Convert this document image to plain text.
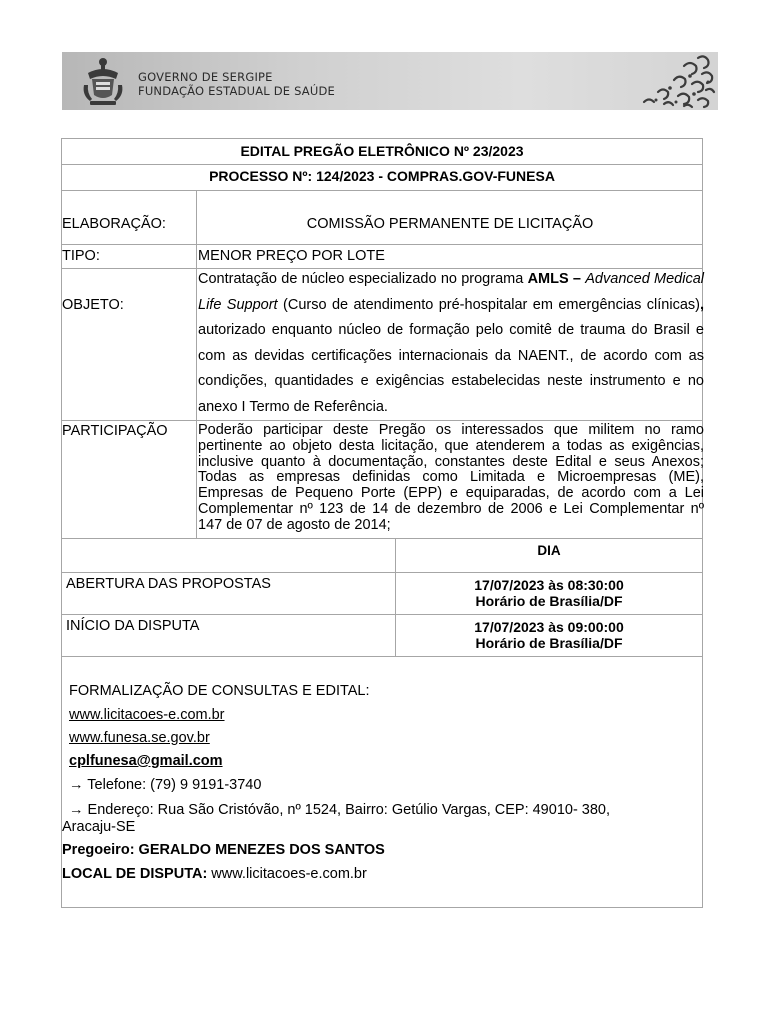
GOVERNO DE SERGIPE
FUNDAÇÃO ESTADUAL DE SAÚDE
EDITAL PREGÃO ELETRÔNICO Nº 23/2023
PROCESSO Nº: 124/2023 - COMPRAS.GOV-FUNESA
ELABORAÇÃO:	COMISSÃO PERMANENTE DE LICITAÇÃO
TIPO:	MENOR PREÇO POR LOTE
OBJETO:
Contratação de núcleo especializado no programa AMLS – Advanced Medical Life Support (Curso de atendimento pré-hospitalar em emergências clínicas), autorizado enquanto núcleo de formação pelo comitê de trauma do Brasil e com as devidas certificações internacionais da NAENT., de acordo com as condições, quantidades e exigências estabelecidas neste instrumento e no anexo I Termo de Referência.
PARTICIPAÇÃO Poderão participar deste Pregão os interessados que militem no ramo pertinente ao objeto desta licitação, que atenderem a todas as exigências, inclusive quanto à documentação, constantes deste Edital e seus Anexos; Todas as empresas definidas como Limitada e Microempresas (ME), Empresas de Pequeno Porte (EPP) e equiparadas, de acordo com a Lei Complementar nº 123 de 14 de dezembro de 2006 e Lei Complementar nº 147 de 07 de agosto de 2014;
DIA
ABERTURA DAS PROPOSTAS	17/07/2023 às 08:30:00
Horário de Brasília/DF
INÍCIO DA DISPUTA	17/07/2023 às 09:00:00
Horário de Brasília/DF
FORMALIZAÇÃO DE CONSULTAS E EDITAL:
www.licitacoes-e.com.br
www.funesa.se.gov.br
cplfunesa@gmail.com
→ Telefone: (79) 9 9191-3740
→ Endereço: Rua São Cristóvão, nº 1524, Bairro: Getúlio Vargas, CEP: 49010- 380,
Aracaju-SE
Pregoeiro: GERALDO MENEZES DOS SANTOS
LOCAL DE DISPUTA: www.licitacoes-e.com.br
